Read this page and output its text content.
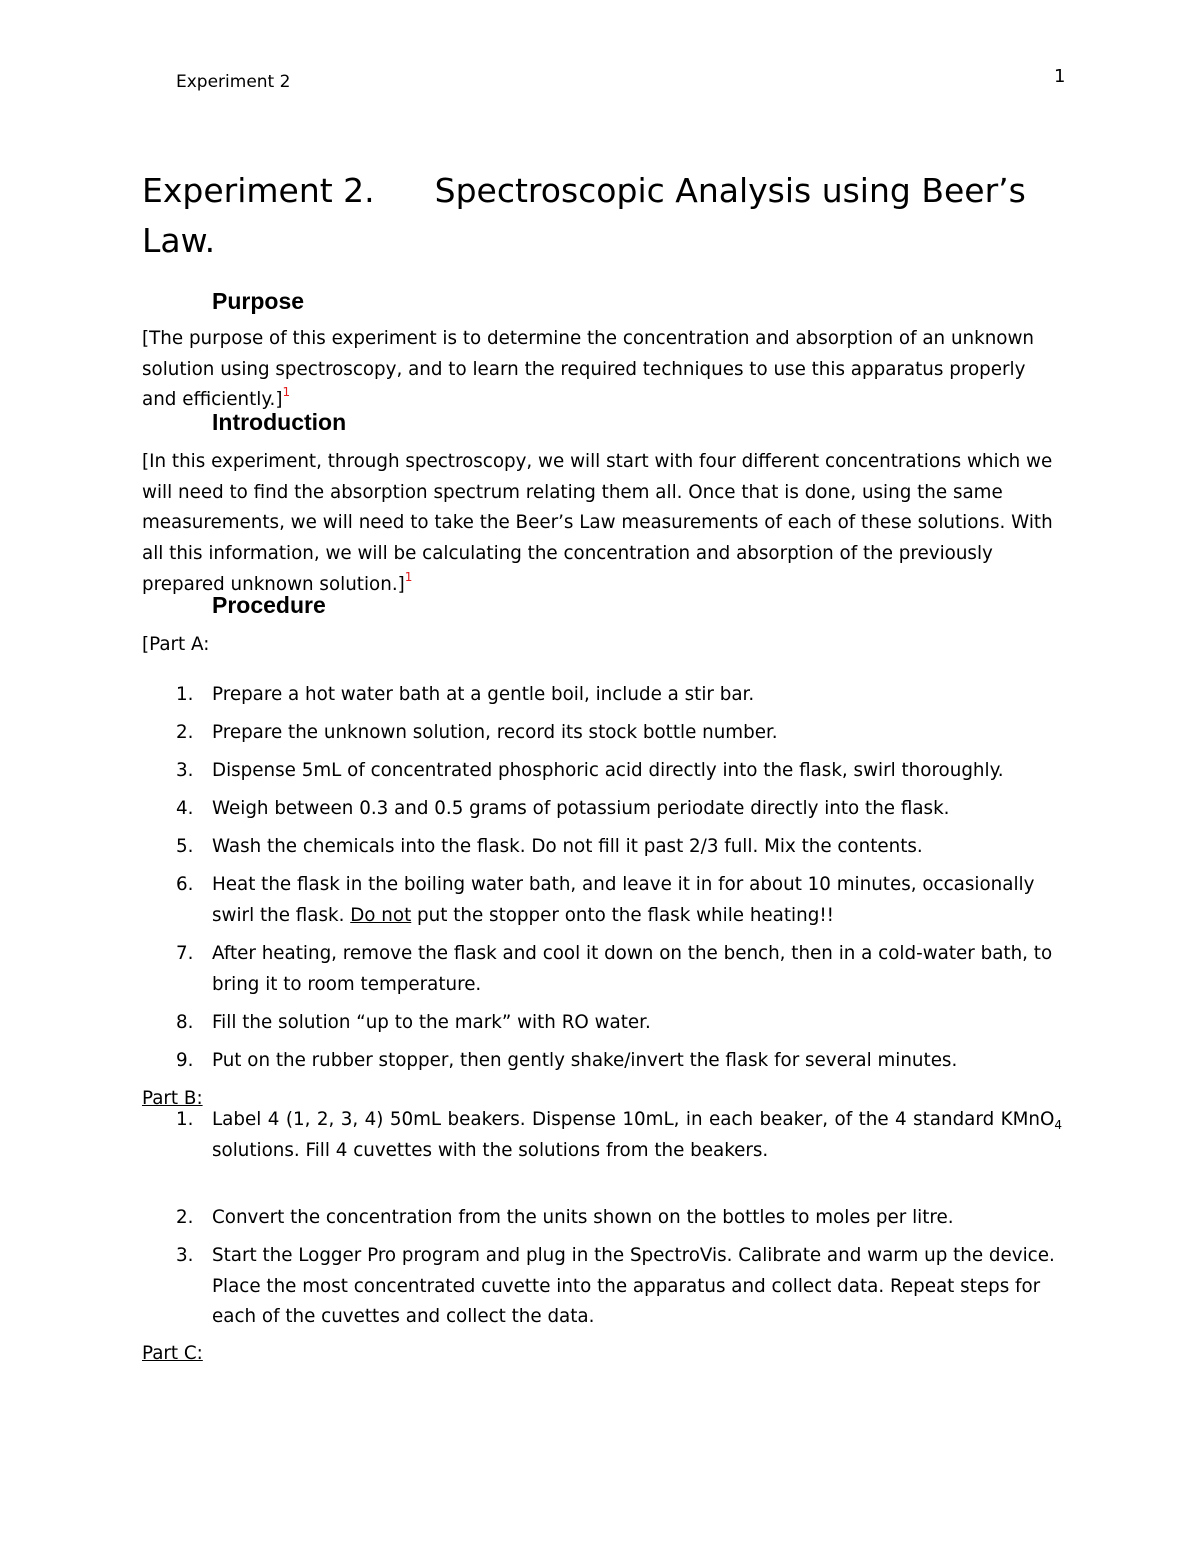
Experiment 2	1
Experiment 2. Spectroscopic Analysis using Beer’s Law.
Purpose

[The purpose of this experiment is to determine the concentration and absorption of an unknown solution using spectroscopy, and to learn the required techniques to use this apparatus properly and efficiently.]$^1$

Introduction

[In this experiment, through spectroscopy, we will start with four different concentrations which we will need to find the absorption spectrum relating them all. Once that is done, using the same measurements, we will need to take the Beer’s Law measurements of each of these solutions. With all this information, we will be calculating the concentration and absorption of the previously prepared unknown solution.]$^1$

Procedure
[Part A:
1. Prepare a hot water bath at a gentle boil, include a stir bar.
2. Prepare the unknown solution, record its stock bottle number.
3. Dispense 5mL of concentrated phosphoric acid directly into the flask, swirl thoroughly.
4. Weigh between 0.3 and 0.5 grams of potassium periodate directly into the flask.
5. Wash the chemicals into the flask. Do not fill it past 2/3 full. Mix the contents.
6. Heat the flask in the boiling water bath, and leave it in for about 10 minutes, occasionally swirl the flask. Do not put the stopper onto the flask while heating!!
7. After heating, remove the flask and cool it down on the bench, then in a cold-water bath, to bring it to room temperature.
8. Fill the solution “up to the mark” with RO water.
9. Put on the rubber stopper, then gently shake/invert the flask for several minutes.
Part B:
1. Label 4 (1, 2, 3, 4) 50mL beakers. Dispense 10mL, in each beaker, of the 4 standard KMnO$_4$ solutions. Fill 4 cuvettes with the solutions from the beakers.
2. Convert the concentration from the units shown on the bottles to moles per litre.
3. Start the Logger Pro program and plug in the SpectroVis. Calibrate and warm up the device. Place the most concentrated cuvette into the apparatus and collect data. Repeat steps for each of the cuvettes and collect the data.
Part C:
